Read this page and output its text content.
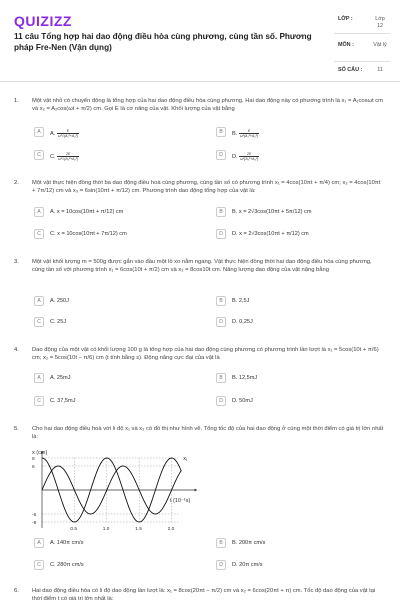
QUIZIZZ
11 câu Tổng hợp hai dao động điều hòa cùng phương, cùng tần số. Phương pháp Fre-Nen (Vận dụng)
LỚP :	Lớp 12
MÔN :	Vật lý
SỐ CÂU :	11
1. Một vật nhỏ có chuyển động là tổng hợp của hai dao động điều hòa cùng phương. Hai dao động này có phương trình là x₁ = A₁cosωt cm và x₂ = A₂cos(ωt + π/2) cm. Gọi E là cơ năng của vật. Khối lượng của vật bằng
A	A. $\frac{E}{\text{ω²√(A₁²+A₂²)}}$	B	B. $\frac{E}{\text{ω²(A₁²+A₂²)}}$
C	C. $\frac{2E}{\text{ω²√(A₁²+A₂²)}}$	D	D. $\frac{2E}{\text{ω²(A₁²+A₂²)}}$
2. Một vật thực hiện đồng thời ba dao động điều hoà cùng phương, cùng tần số có phương trình x₁ = 4cos(10πt + π/4) cm; x₂ = 4cos(10πt + 7π/12) cm và x₃ = 6sin(10πt + π/12) cm. Phương trình dao động tổng hợp của vật là:
A	A. x = 10cos(10πt + π/12) cm	B	B. x = 2√3cos(10πt + 5π/12) cm
C	C. x = 10cos(10πt + 7π/12) cm	D	D. x = 2√3cos(10πt + π/12) cm
3. Một vật khối lượng m = 500g được gắn vào đầu một lò xo nằm ngang. Vật thực hiện đồng thời hai dao động điều hòa cùng phương, cùng tần số với phương trình x₁ = 6cos(10t + π/2) cm và x₂ = 8cos10t cm. Năng lượng dao động của vật nặng bằng
A	A. 250J	B	B. 2,5J
C	C. 25J	D	D. 0,25J
4. Dao động của một vật có khối lượng 100 g là tổng hợp của hai dao động cùng phương có phương trình lần lượt là x₁ = 5cos(10t + π/6) cm; x₂ = 5cos(10t − π/6) cm (t tính bằng s). Động năng cực đại của vật là
A	A. 25mJ	B	B. 12,5mJ
C	C. 37,5mJ	D	D. 50mJ
5. Cho hai dao động điều hoà với li độ x₁ và x₂ có đồ thị như hình vẽ. Tổng tốc độ của hai dao động ở cùng một thời điểm có giá trị lớn nhất là:
x (cm)
t (10⁻¹s)
8
6
-6
-8
0,5	1,0	1,5	2,0
x₁
A	A. 140π cm/s	B	B. 200π cm/s
C	C. 280π cm/s	D	D. 20π cm/s
6. Hai dao động điều hòa có li độ dao động lần lượt là: x₁ = 8cos(20πt − π/2) cm và x₂ = 6cos(20πt + π) cm. Tốc độ dao động của vật tại thời điểm t có giá trị lớn nhất là:
